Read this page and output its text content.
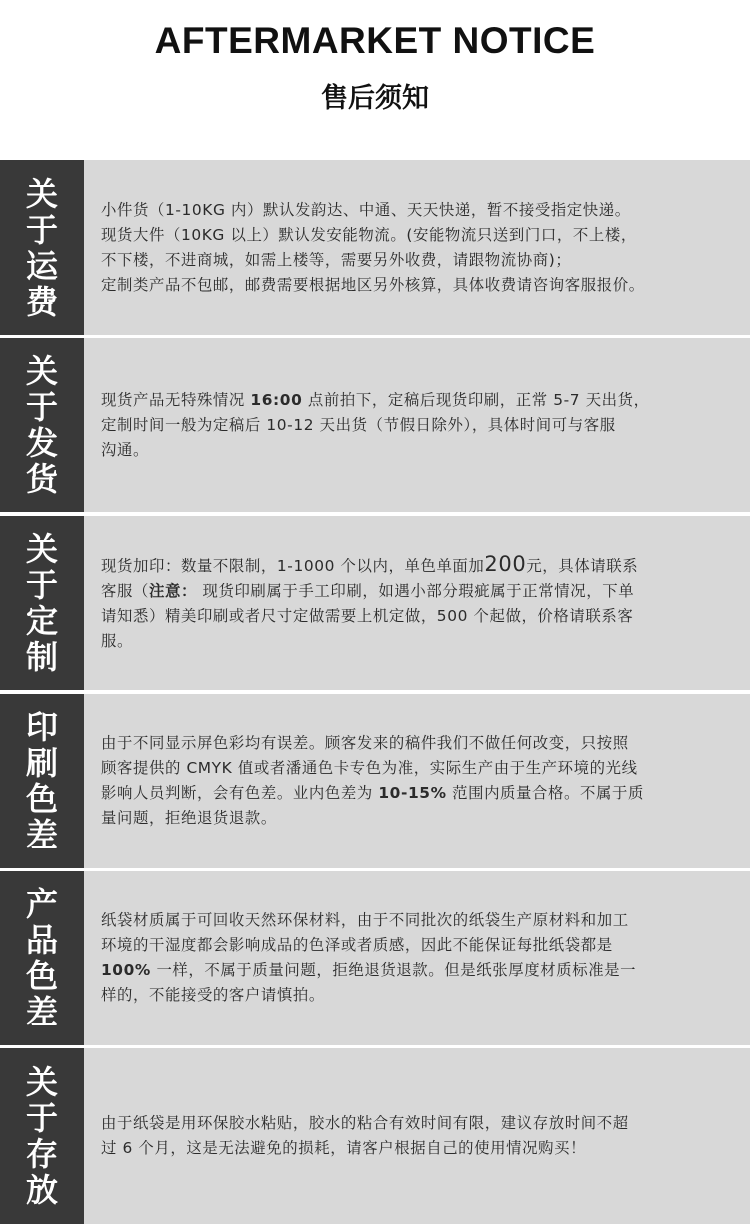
AFTERMARKET NOTICE
售后须知
关
于
运
费

小件货（1-10KG 内）默认发韵达、中通、天天快递，暂不接受指定快递。
现货大件（10KG 以上）默认发安能物流。(安能物流只送到门口，不上楼，
不下楼，不进商城，如需上楼等，需要另外收费，请跟物流协商)；
定制类产品不包邮，邮费需要根据地区另外核算，具体收费请咨询客服报价。

关
于
发
货

现货产品无特殊情况 16:00 点前拍下，定稿后现货印刷，正常 5-7 天出货，
定制时间一般为定稿后 10-12 天出货（节假日除外），具体时间可与客服
沟通。

关
于
定
制

现货加印：数量不限制，1-1000 个以内，单色单面加200元，具体请联系
客服（注意： 现货印刷属于手工印刷，如遇小部分瑕疵属于正常情况，下单
请知悉）精美印刷或者尺寸定做需要上机定做，500 个起做，价格请联系客
服。

印
刷
色
差

由于不同显示屏色彩均有误差。顾客发来的稿件我们不做任何改变，只按照
顾客提供的 CMYK 值或者潘通色卡专色为准，实际生产由于生产环境的光线
影响人员判断，会有色差。业内色差为 10-15% 范围内质量合格。不属于质
量问题，拒绝退货退款。

产
品
色
差

纸袋材质属于可回收天然环保材料，由于不同批次的纸袋生产原材料和加工
环境的干湿度都会影响成品的色泽或者质感，因此不能保证每批纸袋都是
100% 一样，不属于质量问题，拒绝退货退款。但是纸张厚度材质标准是一
样的，不能接受的客户请慎拍。

关
于
存
放

由于纸袋是用环保胶水粘贴，胶水的粘合有效时间有限，建议存放时间不超
过 6 个月，这是无法避免的损耗，请客户根据自己的使用情况购买！
